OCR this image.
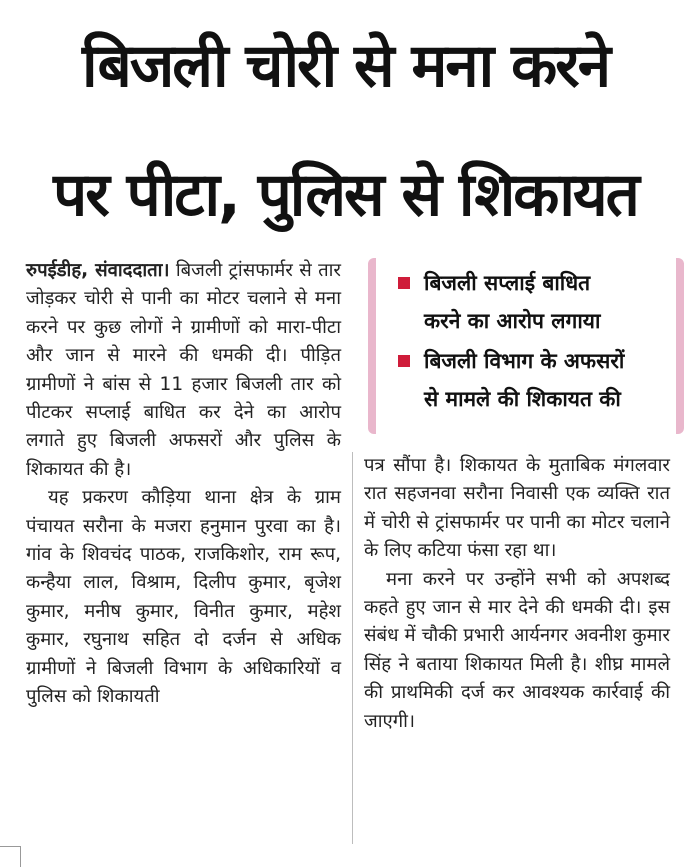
बिजली चोरी से मना करने
पर पीटा, पुलिस से शिकायत
बिजली सप्लाई बाधित
करने का आरोप लगाया
बिजली विभाग के अफसरों
से मामले की शिकायत की

रुपईडीह, संवाददाता। बिजली ट्रांसफार्मर से तार जोड़कर चोरी से पानी का मोटर चलाने से मना करने पर कुछ लोगों ने ग्रामीणों को मारा-पीटा और जान से मारने की धमकी दी। पीड़ित ग्रामीणों ने बांस से 11 हजार बिजली तार को पीटकर सप्लाई बाधित कर देने का आरोप लगाते हुए बिजली अफसरों और पुलिस के शिकायत की है।

यह प्रकरण कौड़िया थाना क्षेत्र के ग्राम पंचायत सरौना के मजरा हनुमान पुरवा का है। गांव के शिवचंद पाठक, राजकिशोर, राम रूप, कन्हैया लाल, विश्राम, दिलीप कुमार, बृजेश कुमार, मनीष कुमार, विनीत कुमार, महेश कुमार, रघुनाथ सहित दो दर्जन से अधिक ग्रामीणों ने बिजली विभाग के अधिकारियों व पुलिस को शिकायती

पत्र सौंपा है। शिकायत के मुताबिक मंगलवार रात सहजनवा सरौना निवासी एक व्यक्ति रात में चोरी से ट्रांसफार्मर पर पानी का मोटर चलाने के लिए कटिया फंसा रहा था।

मना करने पर उन्होंने सभी को अपशब्द कहते हुए जान से मार देने की धमकी दी। इस संबंध में चौकी प्रभारी आर्यनगर अवनीश कुमार सिंह ने बताया शिकायत मिली है। शीघ्र मामले की प्राथमिकी दर्ज कर आवश्यक कार्रवाई की जाएगी।
